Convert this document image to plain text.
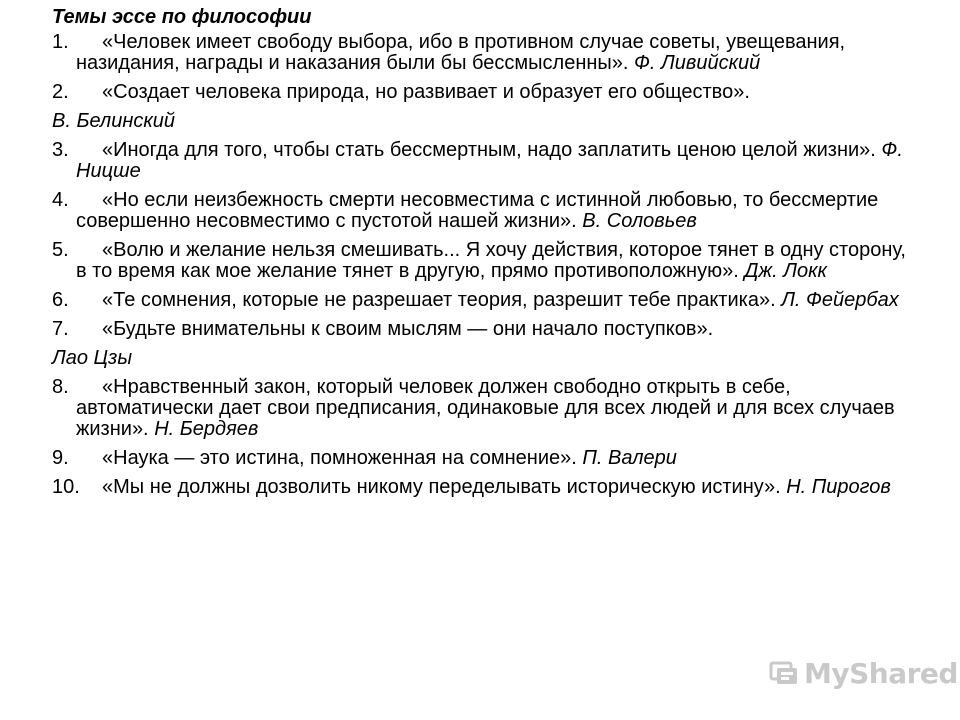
Темы эссе по философии

1.	«Человек имеет свободу выбора, ибо в противном случае советы, увещевания, назидания, награды и наказания были бы бессмысленны». Ф. Ливийский
2.	«Создает человека природа, но развивает и образует его общество».

В. Белинский

3.	«Иногда для того, чтобы стать бессмертным, надо заплатить ценою целой жизни». Ф. Ницше
4.	«Но если неизбежность смерти несовместима с истинной любовью, то бессмертие совершенно несовместимо с пустотой нашей жизни». В. Соловьев
5.	«Волю и желание нельзя смешивать... Я хочу действия, которое тянет в одну сторону, в то время как мое желание тянет в другую, прямо противоположную». Дж. Локк
6.	«Те сомнения, которые не разрешает теория, разрешит тебе практика». Л. Фейербах
7.	«Будьте внимательны к своим мыслям — они начало поступков».

Лао Цзы

8.	«Нравственный закон, который человек должен свободно открыть в себе, автоматически дает свои предписания, одинаковые для всех людей и для всех случаев жизни». Н. Бердяев
9.	«Наука — это истина, помноженная на сомнение». П. Валери
10.	«Мы не должны дозволить никому переделывать историческую истину». Н. Пирогов
MyShared
